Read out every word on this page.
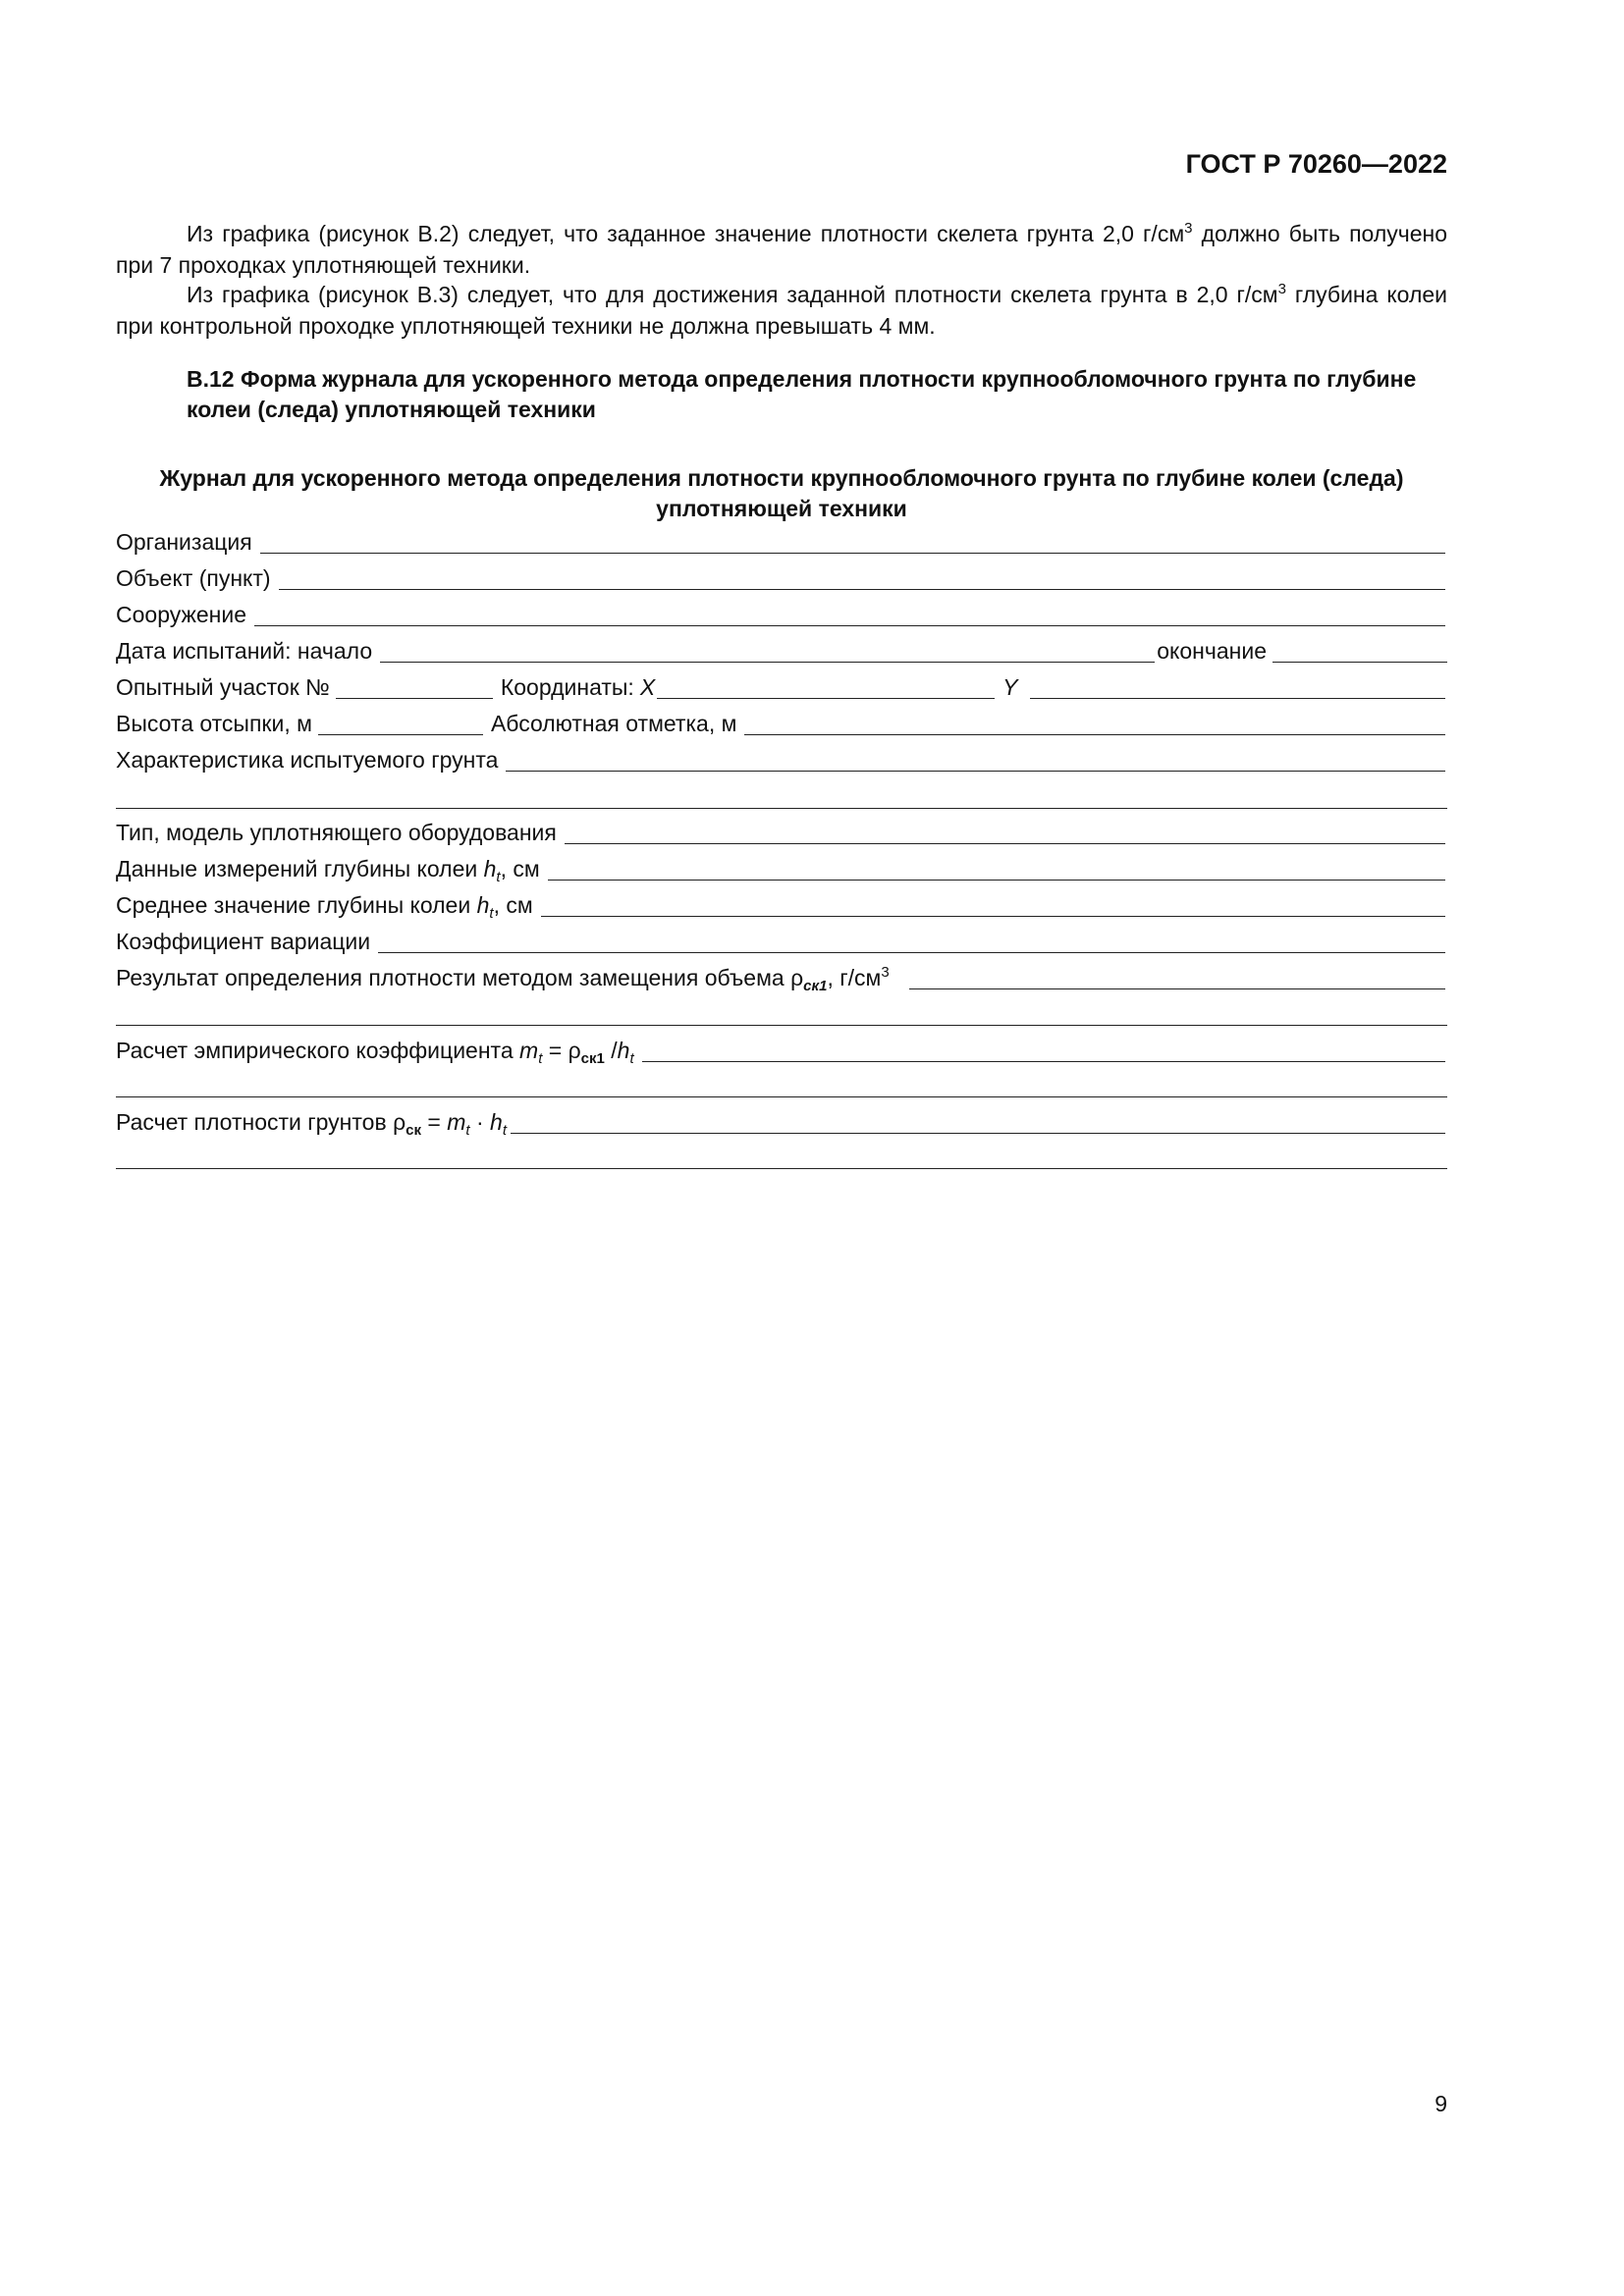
ГОСТ Р 70260—2022
Из графика (рисунок В.2) следует, что заданное значение плотности скелета грунта 2,0 $г/см^3$ должно быть получено при 7 проходках уплотняющей техники.
Из графика (рисунок В.3) следует, что для достижения заданной плотности скелета грунта в 2,0 $г/см^3$ глубина колеи при контрольной проходке уплотняющей техники не должна превышать 4 мм.
В.12 Форма журнала для ускоренного метода определения плотности крупнообломочного грунта по глубине колеи (следа) уплотняющей техники
Журнал для ускоренного метода определения плотности крупнообломочного грунта по глубине колеи (следа) уплотняющей техники
Организация
Объект (пункт)
Сооружение
Дата испытаний: начало	окончание
Опытный участок №	Координаты: X	Y
Высота отсыпки, м	Абсолютная отметка, м
Характеристика испытуемого грунта
Тип, модель уплотняющего оборудования
Данные измерений глубины колеи $h_t$, см
Среднее значение глубины колеи $h_t$, см
Коэффициент вариации
Результат определения плотности методом замещения объема $\rho_{ск1}$, $г/см^3$
Расчет эмпирического коэффициента $m_t = \rho_{ск1}$ $/h_t$
Расчет плотности грунтов $\rho_{ск} = m_t \cdot h_t$
9
